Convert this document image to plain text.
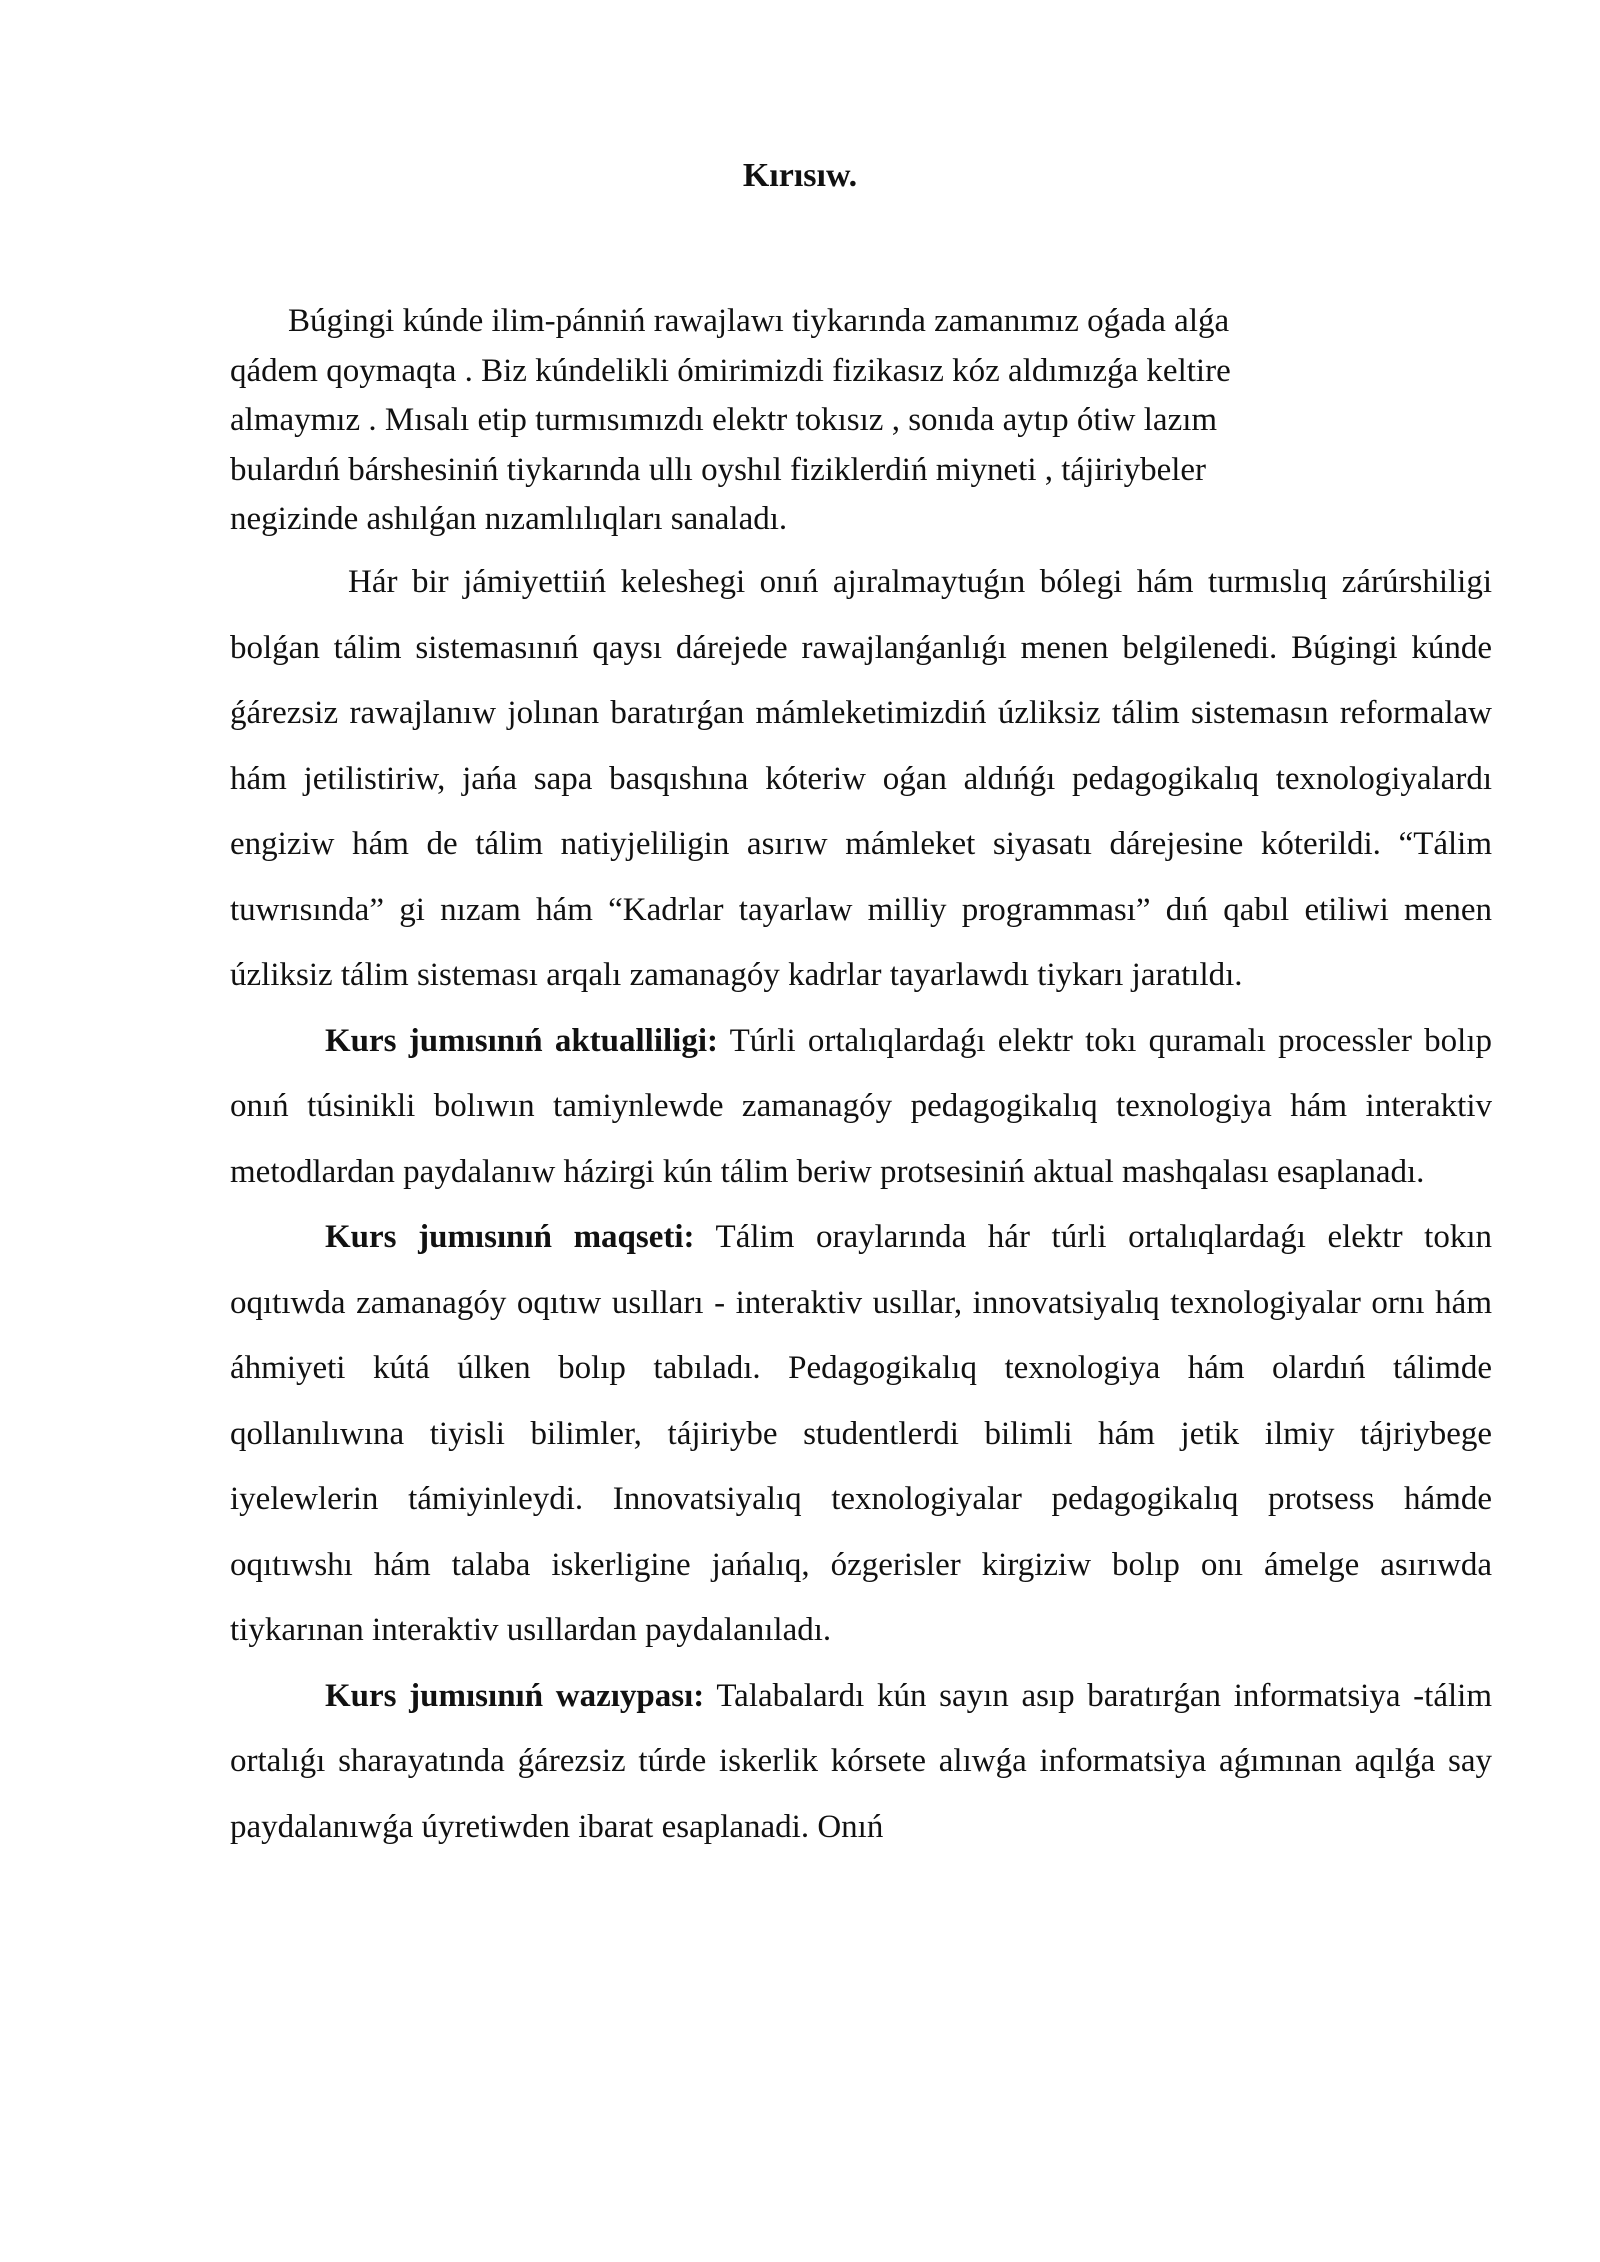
Kırısıw.
Búgingi kúnde ilim-pánniń rawajlawı tiykarında zamanımız oǵada alǵa
qádem qoymaqta . Biz kúndelikli ómirimizdi fizikasız kóz aldımızǵa keltire
almaymız . Mısalı etip turmısımızdı elektr tokısız , sonıda aytıp ótiw lazım
bulardıń bárshesiniń tiykarında ullı oyshıl fiziklerdiń miyneti , tájiriybeler
negizinde ashılǵan nızamlılıqları sanaladı.

Hár bir jámiyettiiń keleshegi onıń ajıralmaytuǵın bólegi hám turmıslıq zárúrshiligi bolǵan tálim sistemasınıń qaysı dárejede rawajlanǵanlıǵı menen belgilenedi. Búgingi kúnde ǵárezsiz rawajlanıw jolınan baratırǵan mámleketimizdiń úzliksiz tálim sistemasın reformalaw hám jetilistiriw, jańa sapa basqıshına kóteriw oǵan aldıńǵı pedagogikalıq texnologiyalardı engiziw hám de tálim natiyjeliligin asırıw mámleket siyasatı dárejesine kóterildi. “Tálim tuwrısında” gi nızam hám “Kadrlar tayarlaw milliy programması” dıń qabıl etiliwi menen úzliksiz tálim sisteması arqalı zamanagóy kadrlar tayarlawdı tiykarı jaratıldı.

Kurs jumısınıń aktualliligi: Túrli ortalıqlardaǵı elektr tokı quramalı processler bolıp onıń túsinikli bolıwın tamiynlewde zamanagóy pedagogikalıq texnologiya hám interaktiv metodlardan paydalanıw házirgi kún tálim beriw protsesiniń aktual mashqalası esaplanadı.

Kurs jumısınıń maqseti: Tálim oraylarında hár túrli ortalıqlardaǵı elektr tokın oqıtıwda zamanagóy oqıtıw usılları - interaktiv usıllar, innovatsiyalıq texnologiyalar ornı hám áhmiyeti kútá úlken bolıp tabıladı. Pedagogikalıq texnologiya hám olardıń tálimde qollanılıwına tiyisli bilimler, tájiriybe studentlerdi bilimli hám jetik ilmiy tájriybege iyelewlerin támiyinleydi. Innovatsiyalıq texnologiyalar pedagogikalıq protsess hámde oqıtıwshı hám talaba iskerligine jańalıq, ózgerisler kirgiziw bolıp onı ámelge asırıwda tiykarınan interaktiv usıllardan paydalanıladı.

Kurs jumısınıń wazıypası: Talabalardı kún sayın asıp baratırǵan informatsiya -tálim ortalıǵı sharayatında ǵárezsiz túrde iskerlik kórsete alıwǵa informatsiya aǵımınan aqılǵa say paydalanıwǵa úyretiwden ibarat esaplanadi. Onıń
